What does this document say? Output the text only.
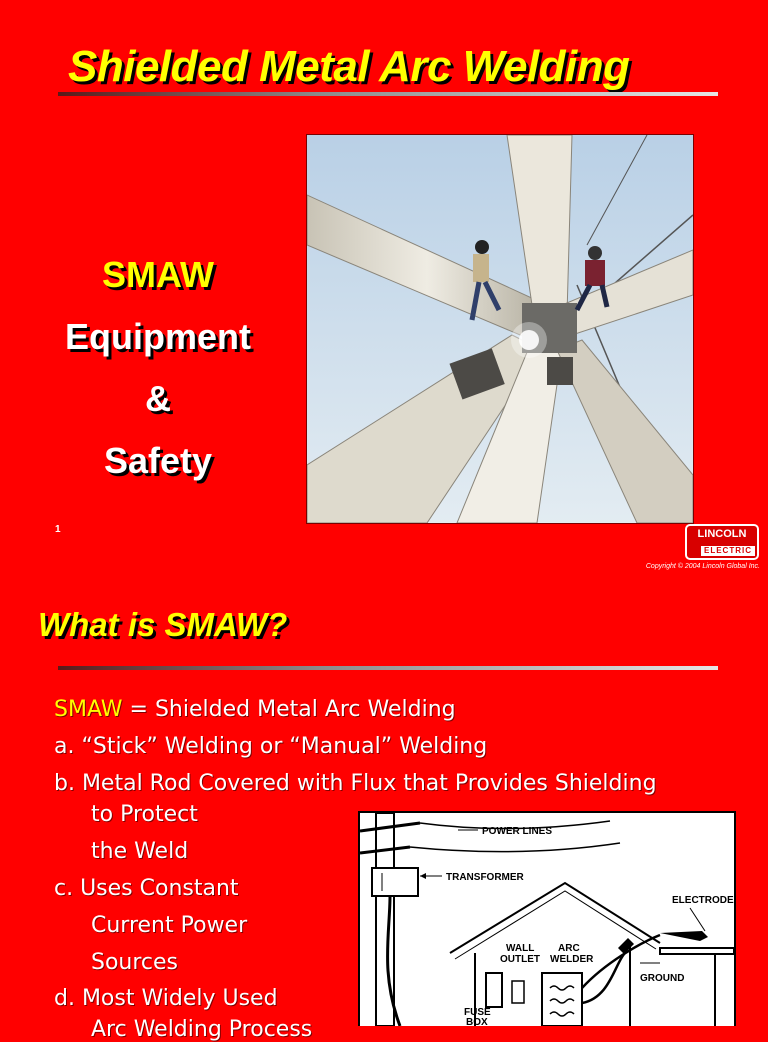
Shielded Metal Arc Welding
SMAW
Equipment
&
Safety
1	LINCOLN
ELECTRIC
Copyright © 2004 Lincoln Global Inc.
What is SMAW?
SMAW = Shielded Metal Arc Welding
a. “Stick” Welding or “Manual” Welding
b. Metal Rod Covered with Flux that Provides Shielding
to Protect
the Weld
c. Uses Constant
Current Power
Sources
d. Most Widely Used
Arc Welding Process
POWER LINES
TRANSFORMER
WALL
OUTLET
ARC
WELDER
FUSE
BOX
ELECTRODE
GROUND
